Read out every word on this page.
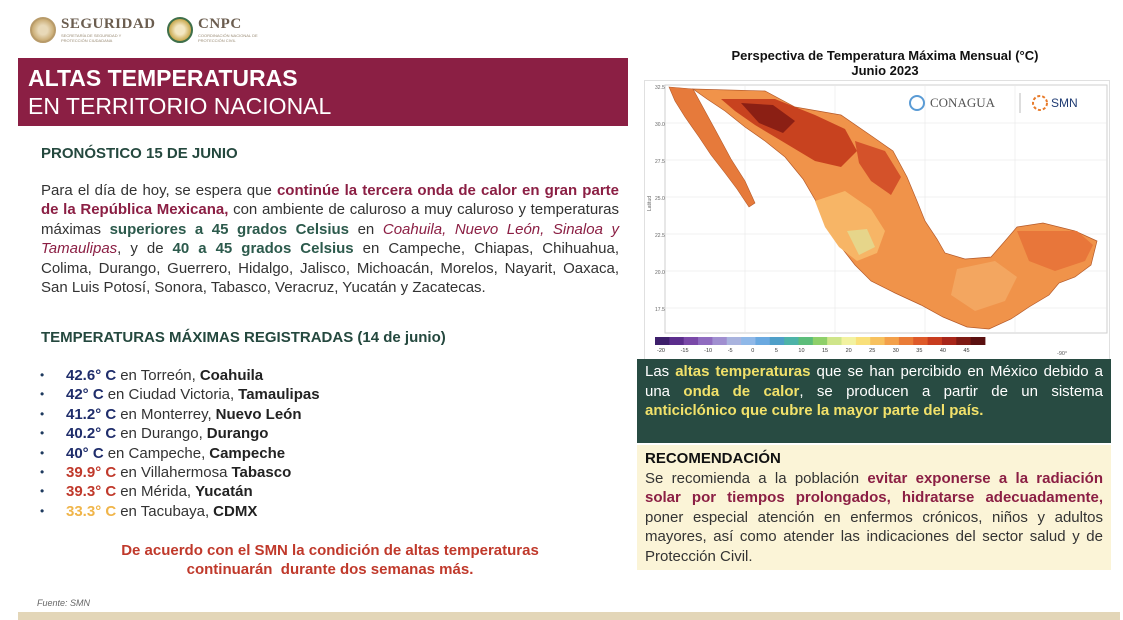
SEGURIDAD
SECRETARÍA DE SEGURIDAD Y PROTECCIÓN CIUDADANA
CNPC
COORDINACIÓN NACIONAL DE PROTECCIÓN CIVIL
ALTAS TEMPERATURAS
EN TERRITORIO NACIONAL
PRONÓSTICO 15 DE JUNIO
Para el día de hoy, se espera que continúe la tercera onda de calor en gran parte de la República Mexicana, con ambiente de caluroso a muy caluroso y temperaturas máximas superiores a 45 grados Celsius en Coahuila, Nuevo León, Sinaloa y Tamaulipas, y de 40 a 45 grados Celsius en Campeche, Chiapas, Chihuahua, Colima, Durango, Guerrero, Hidalgo, Jalisco, Michoacán, Morelos, Nayarit, Oaxaca, San Luis Potosí, Sonora, Tabasco, Veracruz, Yucatán y Zacatecas.
TEMPERATURAS MÁXIMAS REGISTRADAS (14 de junio)
•	42.6° C en Torreón, Coahuila
•	42° C en Ciudad Victoria, Tamaulipas
•	41.2° C en Monterrey, Nuevo León
•	40.2° C en Durango, Durango
•	40° C en Campeche, Campeche
•	39.9° C en Villahermosa Tabasco
•	39.3° C en Mérida, Yucatán
•	33.3° C en Tacubaya, CDMX
De acuerdo con el SMN la condición de altas temperaturas
continuarán  durante dos semanas más.
Fuente: SMN
Perspectiva de Temperatura Máxima Mensual (°C)
Junio 2023
32.5
30.0
27.5
25.0
22.5
20.0
17.5
Latitud
CONAGUA	SMN
-20	-15	-10	-5	0	5	10	15	20	25	30	35	40	45	-90°
Las altas temperaturas que se han percibido en México debido a una onda de calor, se producen a partir de un sistema anticiclónico que cubre la mayor parte del país.
RECOMENDACIÓN
Se recomienda a la población evitar exponerse a la radiación solar por tiempos prolongados, hidratarse adecuadamente, poner especial atención en enfermos crónicos, niños y adultos mayores, así como atender las indicaciones del sector salud y de Protección Civil.
